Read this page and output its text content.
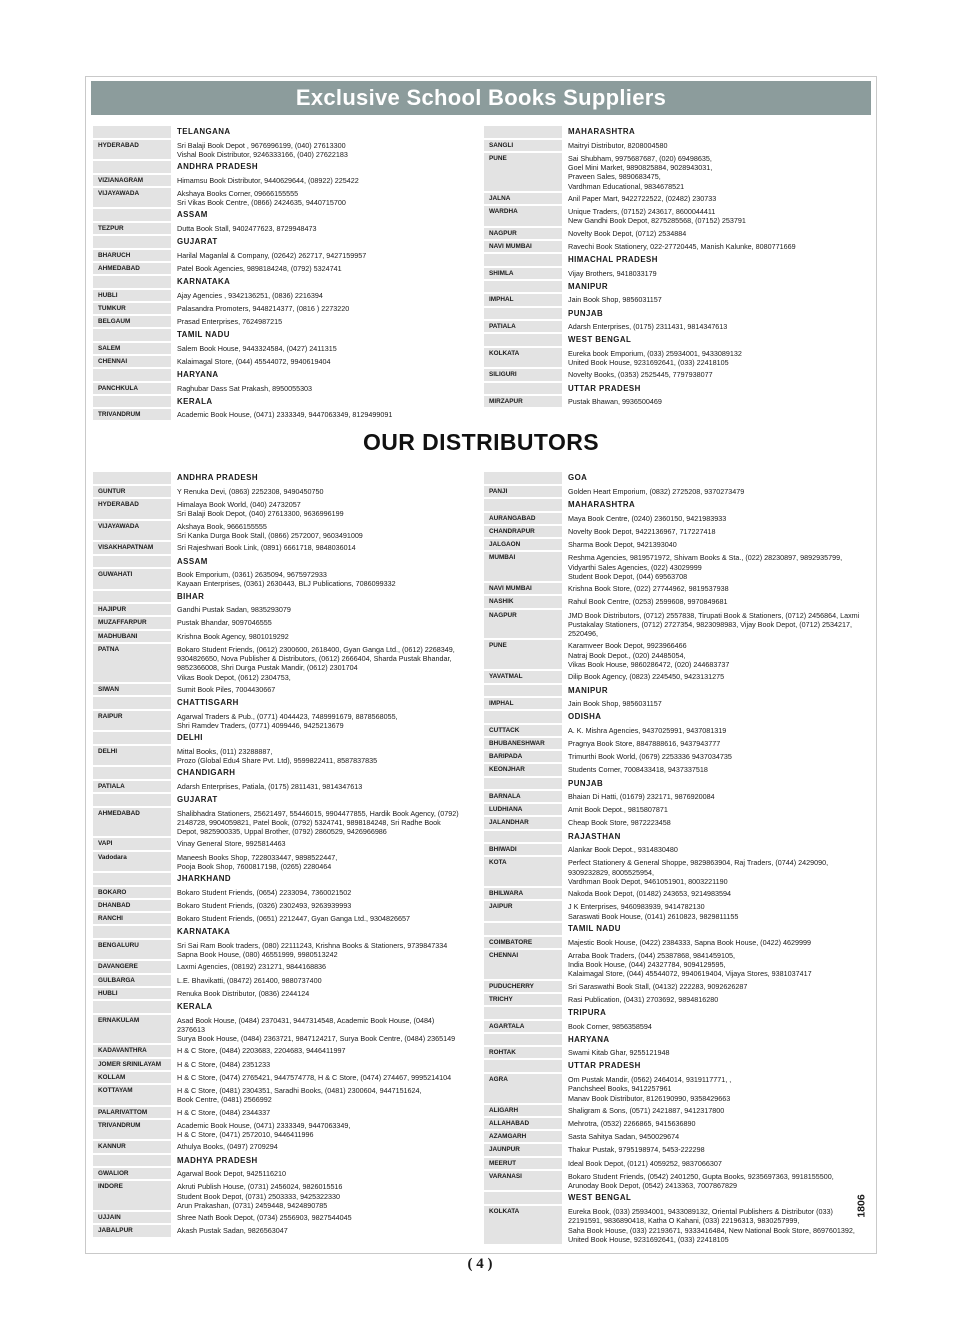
Exclusive School Books Suppliers
TELANGANA
HYDERABAD	Sri Balaji Book Depot , 9676996199, (040) 27613300
Vishal Book Distributor, 9246333166, (040) 27622183
ANDHRA PRADESH
VIZIANAGRAM	Himamsu Book Distributor, 9440629644, (08922) 225422
VIJAYAWADA	Akshaya Books Corner, 09666155555
Sri Vikas Book Centre, (0866) 2424635, 9440715700
ASSAM
TEZPUR	Dutta Book Stall, 9402477623, 8729948473
GUJARAT
BHARUCH	Harilal Maganlal & Company, (02642) 262717, 9427159957
AHMEDABAD	Patel Book Agencies, 9898184248, (0792) 5324741
KARNATAKA
HUBLI	Ajay Agencies , 9342136251, (0836) 2216394
TUMKUR	Palasandra Promoters, 9448214377, (0816 ) 2273220
BELGAUM	Prasad Enterprises, 7624987215
TAMIL NADU
SALEM	Salem Book House, 9443324584, (0427) 2411315
CHENNAI	Kalaimagal Store, (044) 45544072, 9940619404
HARYANA
PANCHKULA	Raghubar Dass Sat Prakash, 8950055303
KERALA
TRIVANDRUM	Academic Book House, (0471) 2333349, 9447063349, 8129499091
MAHARASHTRA
SANGLI	Maitryi Distributor, 8208004580
PUNE	Sai Shubham, 9975687687, (020) 69498635,
Goel Mini Market, 9890825884, 9028943031,
Praveen Sales, 9890683475,
Vardhman Educational, 9834678521
JALNA	Anil Paper Mart, 9422722522, (02482) 230733
WARDHA	Unique Traders, (07152) 243617, 8600044411
New Gandhi Book Depot, 8275285568, (07152) 253791
NAGPUR	Novelty Book Depot, (0712) 2534884
NAVI MUMBAI	Ravechi Book Stationery, 022-27720445, Manish Kalunke, 8080771669
HIMACHAL PRADESH
SHIMLA	Vijay Brothers, 9418033179
MANIPUR
IMPHAL	Jain Book Shop, 9856031157
PUNJAB
PATIALA	Adarsh Enterprises, (0175) 2311431, 9814347613
WEST BENGAL
KOLKATA	Eureka book Emporium, (033) 25934001, 9433089132
United Book House, 9231692641, (033) 22418105
SILIGURI	Novelty Books, (0353) 2525445, 7797938077
UTTAR PRADESH
MIRZAPUR	Pustak Bhawan, 9936500469
OUR DISTRIBUTORS
ANDHRA PRADESH
GUNTUR	Y Renuka Devi, (0863) 2252308, 9490450750
HYDERABAD	Himalaya Book World, (040) 24732057
Sri Balaji Book Depot, (040) 27613300, 9636996199
VIJAYAWADA	Akshaya Book, 9666155555
Sri Kanka Durga Book Stall, (0866) 2572007, 9603491009
VISAKHAPATNAM	Sri Rajeshwari Book Link, (0891) 6661718, 9848036014
ASSAM
GUWAHATI	Book Emporium, (0361) 2635094, 9675972933
Kayaan Enterprises, (0361) 2630443, BLJ Publications, 7086099332
BIHAR
HAJIPUR	Gandhi Pustak Sadan, 9835293079
MUZAFFARPUR	Pustak Bhandar, 9097046555
MADHUBANI	Krishna Book Agency, 9801019292
PATNA	Bokaro Student Friends, (0612) 2300600, 2618400, Gyan Ganga Ltd., (0612) 2268349, 9304826650, Nova Publisher & Distributors, (0612) 2666404, Sharda Pustak Bhandar, 9852366008, Shri Durga Pustak Mandir, (0612) 2301704
Vikas Book Depot, (0612) 2304753,
SIWAN	Sumit Book Piles, 7004430667
CHATTISGARH
RAIPUR	Agarwal Traders & Pub., (0771) 4044423, 7489991679, 8878568055,
Shri Ramdev Traders, (0771) 4099446, 9425213679
DELHI
DELHI	Mittal Books, (011) 23288887,
Prozo (Global Edu4 Share Pvt. Ltd), 9599822411, 8587837835
CHANDIGARH
PATIALA	Adarsh Enterprises, Patiala, (0175) 2811431, 9814347613
GUJARAT
AHMEDABAD	Shalibhadra Stationers, 25621497, 55446015, 9904477855, Hardik Book Agency, (0792) 2148728, 9904059821, Patel Book, (0792) 5324741, 9898184248, Sri Radhe Book Depot, 9825900335, Uppal Brother, (0792) 2860529, 9426966986
VAPI	Vinay General Store, 9925814463
Vadodara	Maneesh Books Shop, 7228033447, 9898522447,
Pooja Book Shop, 7600817198, (0265) 2280464
JHARKHAND
BOKARO	Bokaro Student Friends, (0654) 2233094, 7360021502
DHANBAD	Bokaro Student Friends, (0326) 2302493, 9263939993
RANCHI	Bokaro Student Friends, (0651) 2212447, Gyan Ganga Ltd., 9304826657
KARNATAKA
BENGALURU	Sri Sai Ram Book traders, (080) 22111243, Krishna Books & Stationers, 9739847334
Sapna Book House, (080) 46551999, 9980513242
DAVANGERE	Laxmi Agencies, (08192) 231271, 9844168836
GULBARGA	L.E. Bhavikatti, (08472) 261400, 9880737400
HUBLI	Renuka Book Distributor, (0836) 2244124
KERALA
ERNAKULAM	Asad Book House, (0484) 2370431, 9447314548, Academic Book House, (0484) 2376613
Surya Book House, (0484) 2363721, 9847124217, Surya Book Centre, (0484) 2365149
KADAVANTHRA	H & C Store, (0484) 2203683, 2204683, 9446411997
JOMER SRINILAYAM	H & C Store, (0484) 2351233
KOLLAM	H & C Store, (0474) 2765421, 9447574778, H & C Store, (0474) 274467, 9995214104
KOTTAYAM	H & C Store, (0481) 2304351, Saradhi Books, (0481) 2300604, 9447151624,
Book Centre, (0481) 2566992
PALARIVATTOM	H & C Store, (0484) 2344337
TRIVANDRUM	Academic Book House, (0471) 2333349, 9447063349,
H & C Store, (0471) 2572010, 9446411996
KANNUR	Athulya Books, (0497) 2709294
MADHYA PRADESH
GWALIOR	Agarwal Book Depot, 9425116210
INDORE	Akruti Publish House, (0731) 2456024, 9826015516
Student Book Depot, (0731) 2503333, 9425322330
Arun Prakashan, (0731) 2459448, 9424890785
UJJAIN	Shree Nath Book Depot, (0734) 2556903, 9827544045
JABALPUR	Akash Pustak Sadan, 9826563047
GOA
PANJI	Golden Heart Emporium, (0832) 2725208, 9370273479
MAHARASHTRA
AURANGABAD	Maya Book Centre, (0240) 2360150, 9421983933
CHANDRAPUR	Novelty Book Depot, 9422136967, 717227418
JALGAON	Sharma Book Depot, 9421393040
MUMBAI	Reshma Agencies, 9819571972, Shivam Books & Sta., (022) 28230897, 9892935799, Vidyarthi Sales Agencies, (022) 43029999
Student Book Depot, (044) 69563708
NAVI MUMBAI	Krishna Book Store, (022) 27744962, 9819537938
NASHIK	Rahul Book Centre, (0253) 2599608, 9970849681
NAGPUR	JMD Book Distributors, (0712) 2557838, Tirupati Book & Stationers, (0712) 2456864, Laxmi Pustakalay Stationers, (0712) 2727354, 9823098983, Vijay Book Depot, (0712) 2534217, 2520496,
PUNE	Karamveer Book Depot, 9923966466
Natraj Book Depot., (020) 24485054,
Vikas Book House, 9860286472, (020) 244683737
YAVATMAL	Dilip Book Agency, (0823) 2245450, 9423131275
MANIPUR
IMPHAL	Jain Book Shop, 9856031157
ODISHA
CUTTACK	A. K. Mishra Agencies, 9437025991, 9437081319
BHUBANESHWAR	Pragnya Book Store, 8847888616, 9437943777
BARIPADA	Trimurthi Book World, (0679) 2253336 9437034735
KEONJHAR	Students Corner, 7008433418, 9437337518
PUNJAB
BARNALA	Bhaian Di Hatti, (01679) 232171, 9876920084
LUDHIANA	Amit Book Depot., 9815807871
JALANDHAR	Cheap Book Store, 9872223458
RAJASTHAN
BHIWADI	Alankar Book Depot., 9314830480
KOTA	Perfect Stationery & General Shoppe, 9829863904, Raj Traders, (0744) 2429090, 9309232829, 8005525954,
Vardhman Book Depot, 9461051901, 8003221190
BHILWARA	Nakoda Book Depot, (01482) 243653, 9214983594
JAIPUR	J K Enterprises, 9460983939, 9414782130
Saraswati Book House, (0141) 2610823, 9829811155
TAMIL NADU
COIMBATORE	Majestic Book House, (0422) 2384333, Sapna Book House, (0422) 4629999
CHENNAI	Arraba Book Traders, (044) 25387868, 9841459105,
India Book House, (044) 24327784, 9094129595,
Kalaimagal Store, (044) 45544072, 9940619404, Vijaya Stores, 9381037417
PUDUCHERRY	Sri Saraswathi Book Stall, (04132) 222283, 9092626287
TRICHY	Rasi Publication, (0431) 2703692, 9894816280
TRIPURA
AGARTALA	Book Corner, 9856358594
HARYANA
ROHTAK	Swami Kitab Ghar, 9255121948
UTTAR PRADESH
AGRA	Om Pustak Mandir, (0562) 2464014, 9319117771, ,
Panchsheel Books, 9412257961
Manav Book Distributor, 8126190990, 9358429663
ALIGARH	Shaligram & Sons, (0571) 2421887, 9412317800
ALLAHABAD	Mehrotra, (0532) 2266865, 9415636890
AZAMGARH	Sasta Sahitya Sadan, 9450029674
JAUNPUR	Thakur Pustak, 9795198974, 5453-222298
MEERUT	Ideal Book Depot, (0121) 4059252, 9837066307
VARANASI	Bokaro Student Friends, (0542) 2401250, Gupta Books, 9235697363, 9918155500,
Arunoday Book Depot, (0542) 2413363, 7007867829
WEST BENGAL
KOLKATA	Eureka Book, (033) 25934001, 9433089132, Oriental Publishers & Distributor (033) 22191591, 9836890418, Katha O Kahani, (033) 22196313, 9830257999,
Saha Book House, (033) 22193671, 9333416484, New National Book Store, 8697601392, United Book House, 9231692641, (033) 22418105
( 4 )
1806
